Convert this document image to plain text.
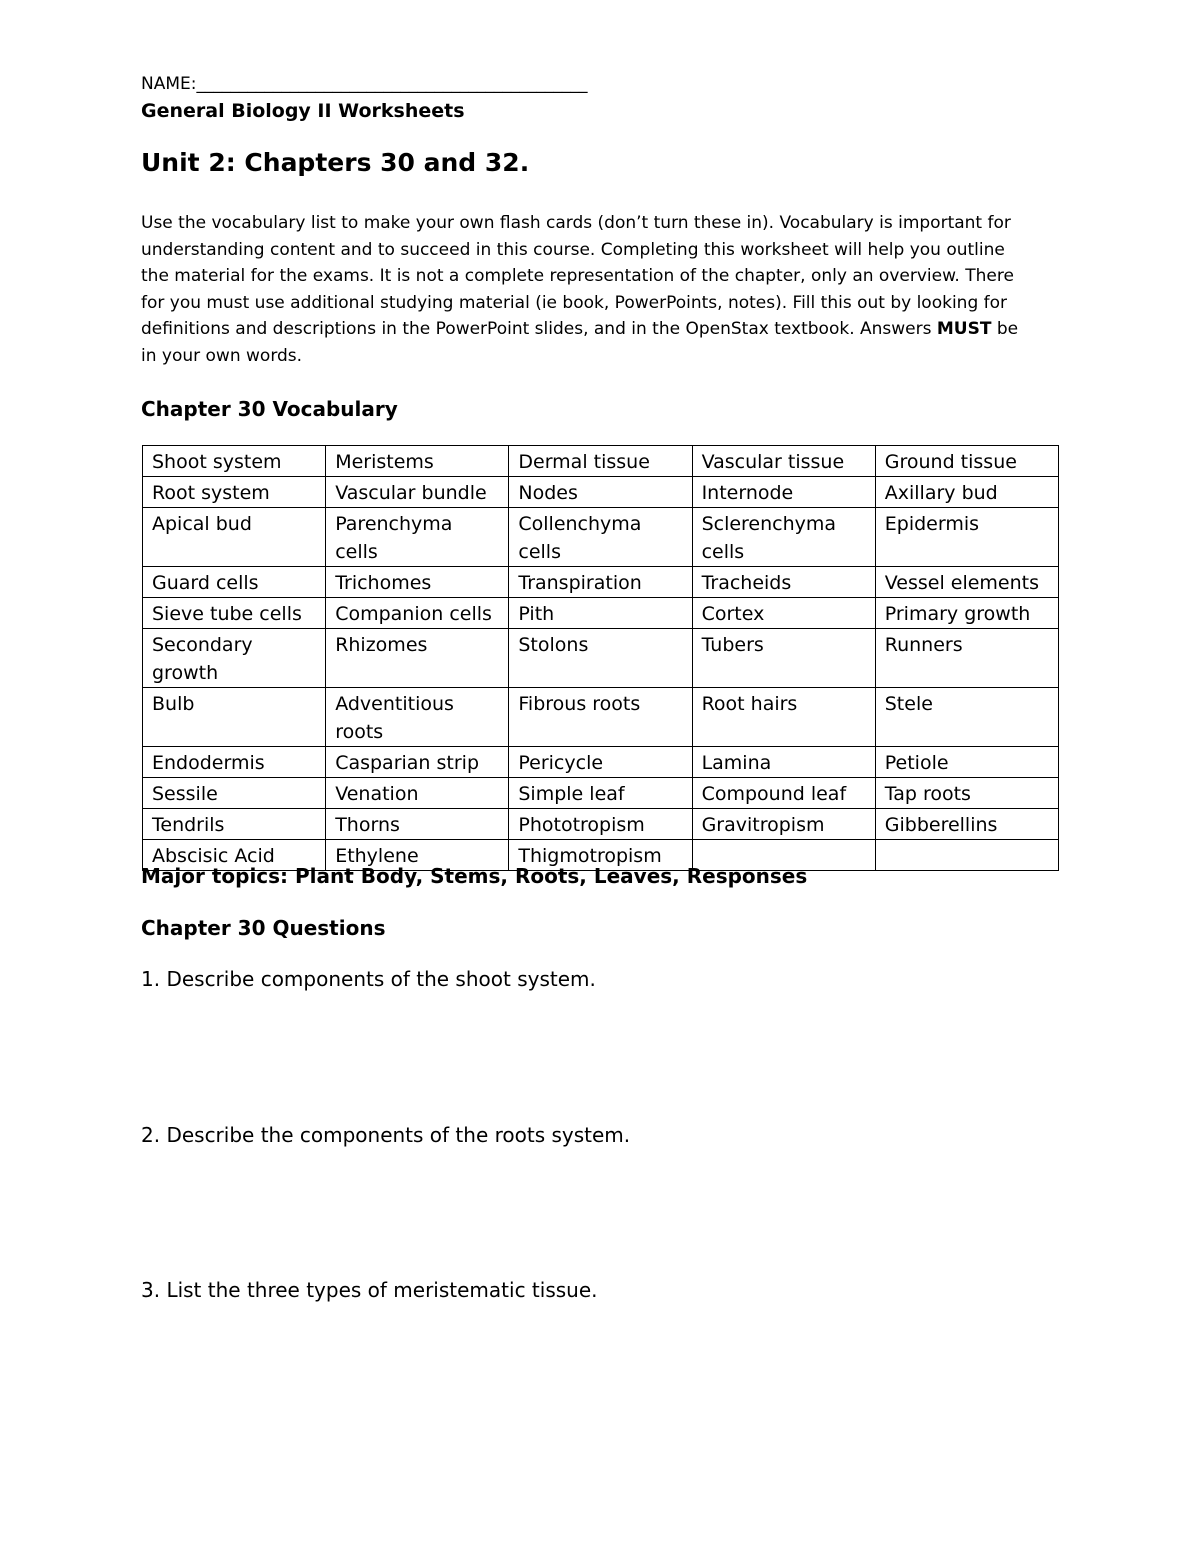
NAME:______________________________________________
General Biology II Worksheets
Unit 2: Chapters 30 and 32.
Use the vocabulary list to make your own flash cards (don’t turn these in). Vocabulary is important for
understanding content and to succeed in this course. Completing this worksheet will help you outline
the material for the exams. It is not a complete representation of the chapter, only an overview. There
for you must use additional studying material (ie book, PowerPoints, notes). Fill this out by looking for
definitions and descriptions in the PowerPoint slides, and in the OpenStax textbook. Answers MUST be
in your own words.
Chapter 30 Vocabulary
Shoot system	Meristems	Dermal tissue	Vascular tissue	Ground tissue
Root system	Vascular bundle	Nodes	Internode	Axillary bud
Apical bud	Parenchyma cells	Collenchyma cells	Sclerenchyma cells	Epidermis
Guard cells	Trichomes	Transpiration	Tracheids	Vessel elements
Sieve tube cells	Companion cells	Pith	Cortex	Primary growth
Secondary growth	Rhizomes	Stolons	Tubers	Runners
Bulb	Adventitious roots	Fibrous roots	Root hairs	Stele
Endodermis	Casparian strip	Pericycle	Lamina	Petiole
Sessile	Venation	Simple leaf	Compound leaf	Tap roots
Tendrils	Thorns	Phototropism	Gravitropism	Gibberellins
Abscisic Acid	Ethylene	Thigmotropism		
Major topics: Plant Body, Stems, Roots, Leaves, Responses
Chapter 30 Questions
1. Describe components of the shoot system.
2. Describe the components of the roots system.
3. List the three types of meristematic tissue.
